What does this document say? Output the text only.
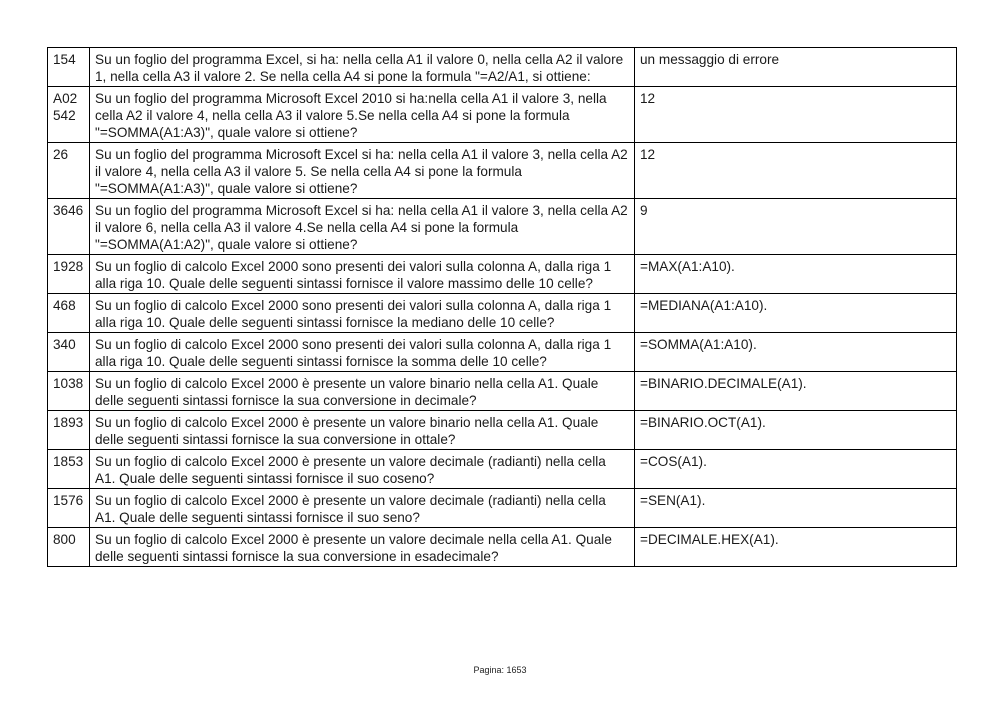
154	Su un foglio del programma Excel, si ha: nella cella A1 il valore 0, nella cella A2 il valore 1, nella cella A3 il valore 2. Se nella cella A4 si pone la formula "=A2/A1, si ottiene:	un messaggio di errore
A02542	Su un foglio del programma Microsoft Excel 2010 si ha:nella cella A1 il valore 3, nella cella A2 il valore 4, nella cella A3 il valore 5.Se nella cella A4 si pone la formula "=SOMMA(A1:A3)", quale valore si ottiene?	12
26	Su un foglio del programma Microsoft Excel si ha: nella cella A1 il valore 3, nella cella A2 il valore 4, nella cella A3 il valore 5. Se nella cella A4 si pone la formula "=SOMMA(A1:A3)", quale valore si ottiene?	12
3646	Su un foglio del programma Microsoft Excel si ha: nella cella A1 il valore 3, nella cella A2 il valore 6, nella cella A3 il valore 4.Se nella cella A4 si pone la formula "=SOMMA(A1:A2)", quale valore si ottiene?	9
1928	Su un foglio di calcolo Excel 2000 sono presenti dei valori sulla colonna A, dalla riga 1 alla riga 10. Quale delle seguenti sintassi fornisce il valore massimo delle 10 celle?	=MAX(A1:A10).
468	Su un foglio di calcolo Excel 2000 sono presenti dei valori sulla colonna A, dalla riga 1 alla riga 10. Quale delle seguenti sintassi fornisce la mediano delle 10 celle?	=MEDIANA(A1:A10).
340	Su un foglio di calcolo Excel 2000 sono presenti dei valori sulla colonna A, dalla riga 1 alla riga 10. Quale delle seguenti sintassi fornisce la somma delle 10 celle?	=SOMMA(A1:A10).
1038	Su un foglio di calcolo Excel 2000 è presente un valore binario nella cella A1. Quale delle seguenti sintassi fornisce la sua conversione in decimale?	=BINARIO.DECIMALE(A1).
1893	Su un foglio di calcolo Excel 2000 è presente un valore binario nella cella A1. Quale delle seguenti sintassi fornisce la sua conversione in ottale?	=BINARIO.OCT(A1).
1853	Su un foglio di calcolo Excel 2000 è presente un valore decimale (radianti) nella cella A1. Quale delle seguenti sintassi fornisce il suo coseno?	=COS(A1).
1576	Su un foglio di calcolo Excel 2000 è presente un valore decimale (radianti) nella cella A1. Quale delle seguenti sintassi fornisce il suo seno?	=SEN(A1).
800	Su un foglio di calcolo Excel 2000 è presente un valore decimale nella cella A1. Quale delle seguenti sintassi fornisce la sua conversione in esadecimale?	=DECIMALE.HEX(A1).
Pagina: 1653
